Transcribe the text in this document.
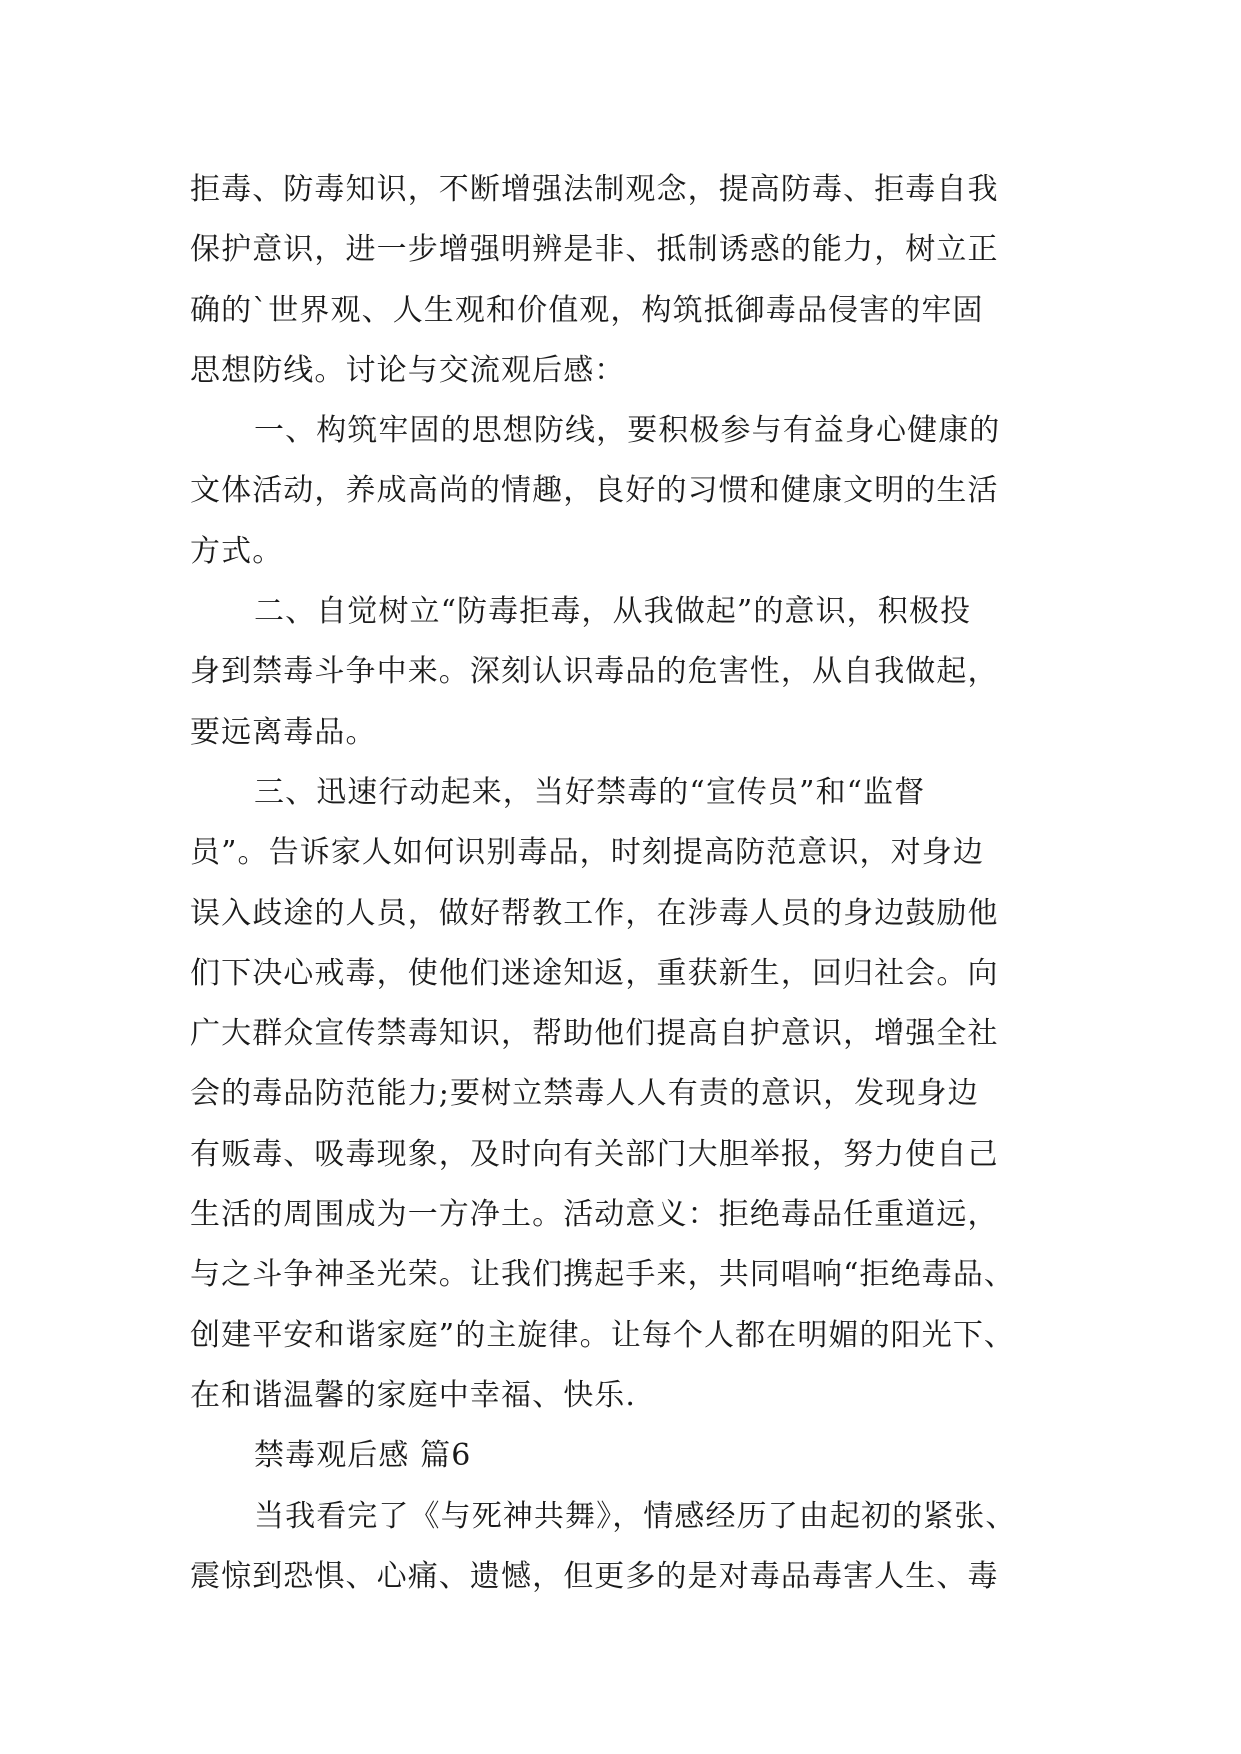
拒毒、防毒知识，不断增强法制观念，提高防毒、拒毒自我
保护意识，进一步增强明辨是非、抵制诱惑的能力，树立正
确的`世界观、人生观和价值观，构筑抵御毒品侵害的牢固
思想防线。讨论与交流观后感：
一、构筑牢固的思想防线，要积极参与有益身心健康的
文体活动，养成高尚的情趣，良好的习惯和健康文明的生活
方式。
二、自觉树立“防毒拒毒，从我做起”的意识，积极投
身到禁毒斗争中来。深刻认识毒品的危害性，从自我做起，
要远离毒品。
三、迅速行动起来，当好禁毒的“宣传员”和“监督
员”。告诉家人如何识别毒品，时刻提高防范意识，对身边
误入歧途的人员，做好帮教工作，在涉毒人员的身边鼓励他
们下决心戒毒，使他们迷途知返，重获新生，回归社会。向
广大群众宣传禁毒知识，帮助他们提高自护意识，增强全社
会的毒品防范能力;要树立禁毒人人有责的意识，发现身边
有贩毒、吸毒现象，及时向有关部门大胆举报，努力使自己
生活的周围成为一方净土。活动意义：拒绝毒品任重道远，
与之斗争神圣光荣。让我们携起手来，共同唱响“拒绝毒品、
创建平安和谐家庭”的主旋律。让每个人都在明媚的阳光下、
在和谐温馨的家庭中幸福、快乐.
禁毒观后感 篇6
当我看完了《与死神共舞》，情感经历了由起初的紧张、
震惊到恐惧、心痛、遗憾，但更多的是对毒品毒害人生、毒
